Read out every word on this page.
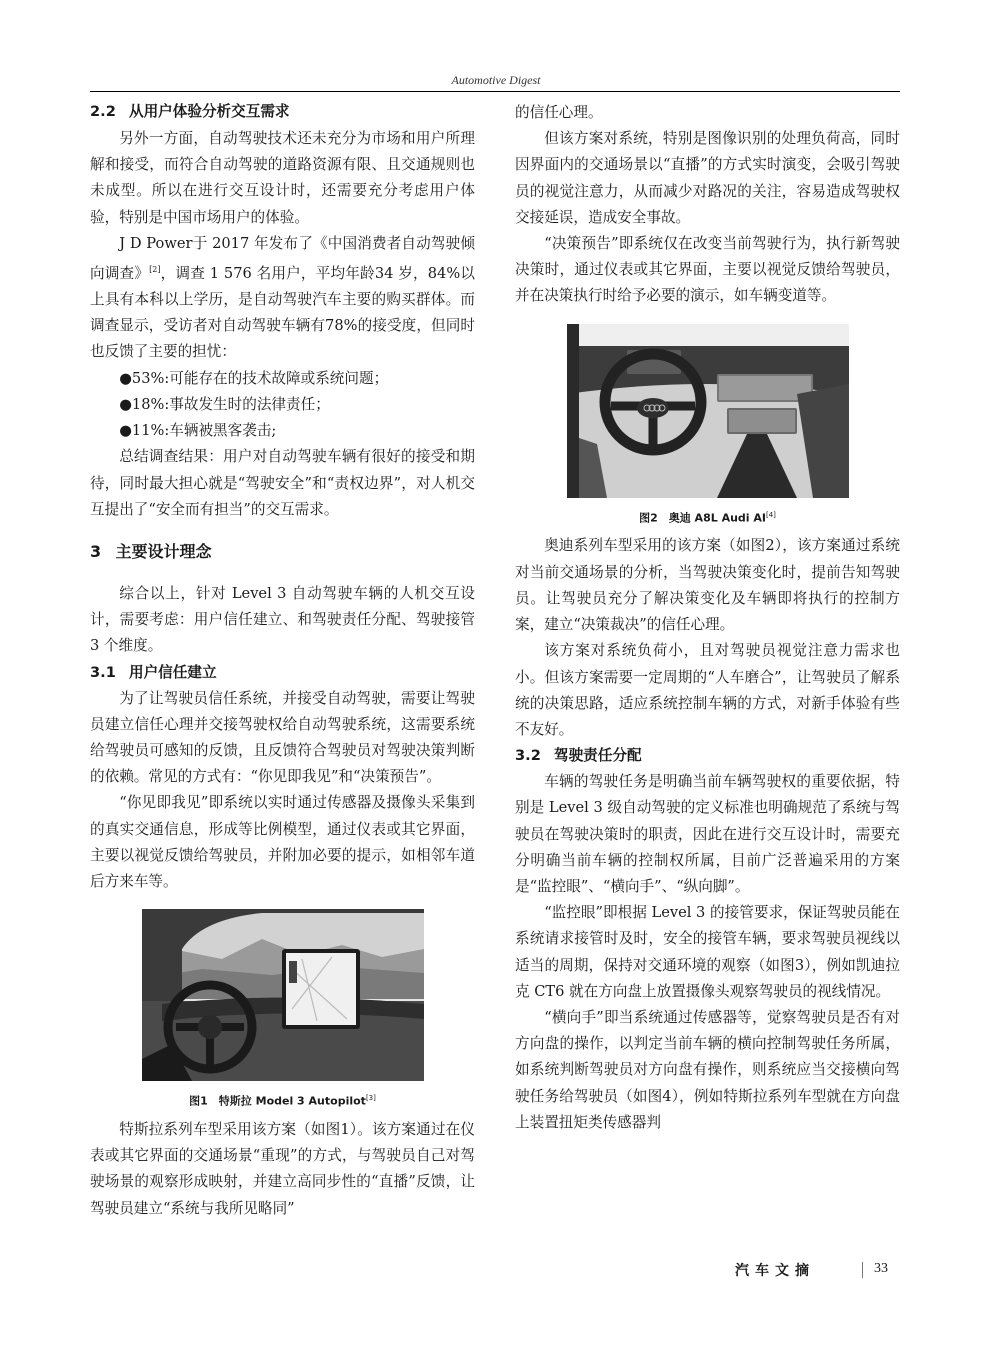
Automotive Digest
2.2 从用户体验分析交互需求

另外一方面，自动驾驶技术还未充分为市场和用户所理解和接受，而符合自动驾驶的道路资源有限、且交通规则也未成型。所以在进行交互设计时，还需要充分考虑用户体验，特别是中国市场用户的体验。

J D Power于 2017 年发布了《中国消费者自动驾驶倾向调查》[2]，调查 1 576 名用户，平均年龄34 岁，84%以上具有本科以上学历，是自动驾驶汽车主要的购买群体。而调查显示，受访者对自动驾驶车辆有78%的接受度，但同时也反馈了主要的担忧：

●53%:可能存在的技术故障或系统问题；

●18%:事故发生时的法律责任；

●11%:车辆被黑客袭击;

总结调查结果：用户对自动驾驶车辆有很好的接受和期待，同时最大担心就是“驾驶安全”和“责权边界”，对人机交互提出了“安全而有担当”的交互需求。

3 主要设计理念

综合以上，针对 Level 3 自动驾驶车辆的人机交互设计，需要考虑：用户信任建立、和驾驶责任分配、驾驶接管 3 个维度。

3.1 用户信任建立

为了让驾驶员信任系统，并接受自动驾驶，需要让驾驶员建立信任心理并交接驾驶权给自动驾驶系统，这需要系统给驾驶员可感知的反馈，且反馈符合驾驶员对驾驶决策判断的依赖。常见的方式有：“你见即我见”和“决策预告”。

“你见即我见”即系统以实时通过传感器及摄像头采集到的真实交通信息，形成等比例模型，通过仪表或其它界面，主要以视觉反馈给驾驶员，并附加必要的提示，如相邻车道后方来车等。

图1　特斯拉 Model 3 Autopilot[3]

特斯拉系列车型采用该方案（如图1）。该方案通过在仪表或其它界面的交通场景“重现”的方式，与驾驶员自己对驾驶场景的观察形成映射，并建立高同步性的“直播”反馈，让驾驶员建立“系统与我所见略同”

的信任心理。

但该方案对系统，特别是图像识别的处理负荷高，同时因界面内的交通场景以“直播”的方式实时演变，会吸引驾驶员的视觉注意力，从而减少对路况的关注，容易造成驾驶权交接延误，造成安全事故。

“决策预告”即系统仅在改变当前驾驶行为，执行新驾驶决策时，通过仪表或其它界面，主要以视觉反馈给驾驶员，并在决策执行时给予必要的演示，如车辆变道等。

图2　奥迪 A8L Audi AI[4]

奥迪系列车型采用的该方案（如图2），该方案通过系统对当前交通场景的分析，当驾驶决策变化时，提前告知驾驶员。让驾驶员充分了解决策变化及车辆即将执行的控制方案，建立“决策裁决”的信任心理。

该方案对系统负荷小，且对驾驶员视觉注意力需求也小。但该方案需要一定周期的“人车磨合”，让驾驶员了解系统的决策思路，适应系统控制车辆的方式，对新手体验有些不友好。

3.2 驾驶责任分配

车辆的驾驶任务是明确当前车辆驾驶权的重要依据，特别是 Level 3 级自动驾驶的定义标准也明确规范了系统与驾驶员在驾驶决策时的职责，因此在进行交互设计时，需要充分明确当前车辆的控制权所属，目前广泛普遍采用的方案是“监控眼”、“横向手”、“纵向脚”。

“监控眼”即根据 Level 3 的接管要求，保证驾驶员能在系统请求接管时及时，安全的接管车辆，要求驾驶员视线以适当的周期，保持对交通环境的观察（如图3），例如凯迪拉克 CT6 就在方向盘上放置摄像头观察驾驶员的视线情况。

“横向手”即当系统通过传感器等，觉察驾驶员是否有对方向盘的操作，以判定当前车辆的横向控制驾驶任务所属，如系统判断驾驶员对方向盘有操作，则系统应当交接横向驾驶任务给驾驶员（如图4），例如特斯拉系列车型就在方向盘上装置扭矩类传感器判

汽车文摘	33
